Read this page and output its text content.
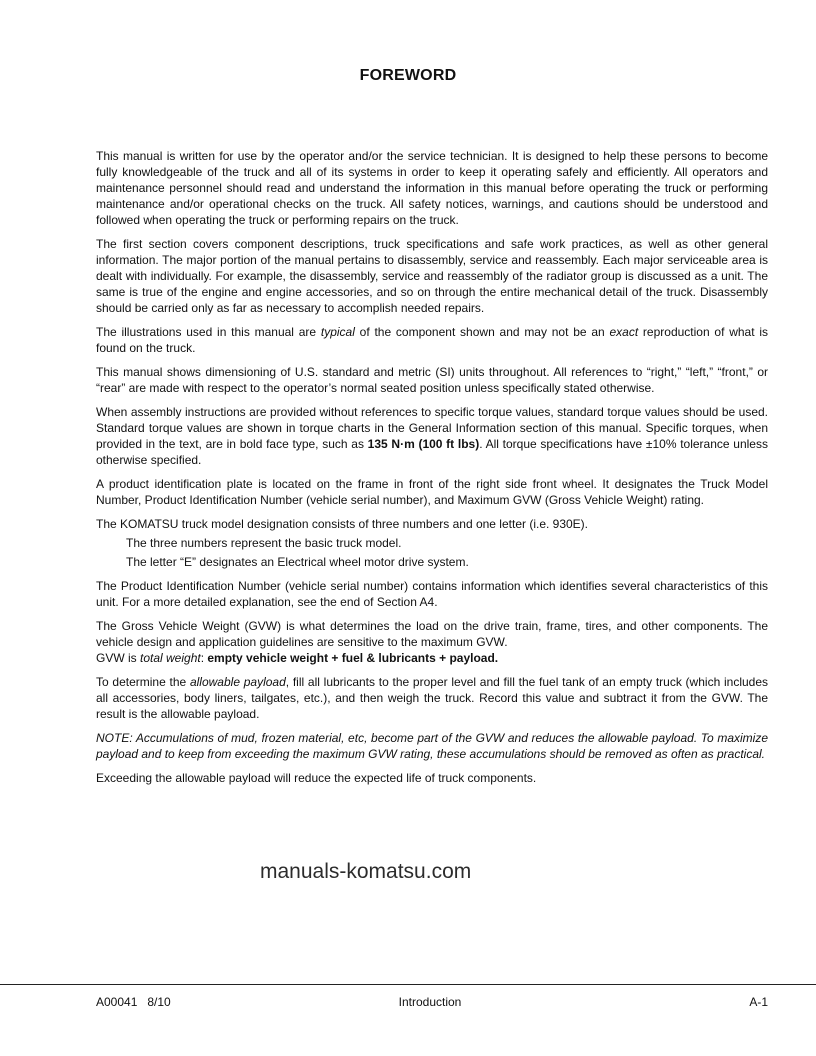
FOREWORD

This manual is written for use by the operator and/or the service technician. It is designed to help these persons to become fully knowledgeable of the truck and all of its systems in order to keep it operating safely and efficiently. All operators and maintenance personnel should read and understand the information in this manual before operating the truck or performing maintenance and/or operational checks on the truck. All safety notices, warnings, and cautions should be understood and followed when operating the truck or performing repairs on the truck.

The first section covers component descriptions, truck specifications and safe work practices, as well as other general information. The major portion of the manual pertains to disassembly, service and reassembly. Each major serviceable area is dealt with individually. For example, the disassembly, service and reassembly of the radiator group is discussed as a unit. The same is true of the engine and engine accessories, and so on through the entire mechanical detail of the truck. Disassembly should be carried only as far as necessary to accomplish needed repairs.

The illustrations used in this manual are typical of the component shown and may not be an exact reproduction of what is found on the truck.

This manual shows dimensioning of U.S. standard and metric (SI) units throughout. All references to “right,” “left,” “front,” or “rear” are made with respect to the operator’s normal seated position unless specifically stated otherwise.

When assembly instructions are provided without references to specific torque values, standard torque values should be used. Standard torque values are shown in torque charts in the General Information section of this manual. Specific torques, when provided in the text, are in bold face type, such as 135 N·m (100 ft lbs). All torque specifications have ±10% tolerance unless otherwise specified.

A product identification plate is located on the frame in front of the right side front wheel. It designates the Truck Model Number, Product Identification Number (vehicle serial number), and Maximum GVW (Gross Vehicle Weight) rating.

The KOMATSU truck model designation consists of three numbers and one letter (i.e. 930E).

The three numbers represent the basic truck model.

The letter “E” designates an Electrical wheel motor drive system.

The Product Identification Number (vehicle serial number) contains information which identifies several characteristics of this unit. For a more detailed explanation, see the end of Section A4.

The Gross Vehicle Weight (GVW) is what determines the load on the drive train, frame, tires, and other components. The vehicle design and application guidelines are sensitive to the maximum GVW.

GVW is total weight: empty vehicle weight + fuel & lubricants + payload.

To determine the allowable payload, fill all lubricants to the proper level and fill the fuel tank of an empty truck (which includes all accessories, body liners, tailgates, etc.), and then weigh the truck. Record this value and subtract it from the GVW. The result is the allowable payload.

NOTE: Accumulations of mud, frozen material, etc, become part of the GVW and reduces the allowable payload. To maximize payload and to keep from exceeding the maximum GVW rating, these accumulations should be removed as often as practical.

Exceeding the allowable payload will reduce the expected life of truck components.

manuals-komatsu.com
A00041   8/10	Introduction	A-1
